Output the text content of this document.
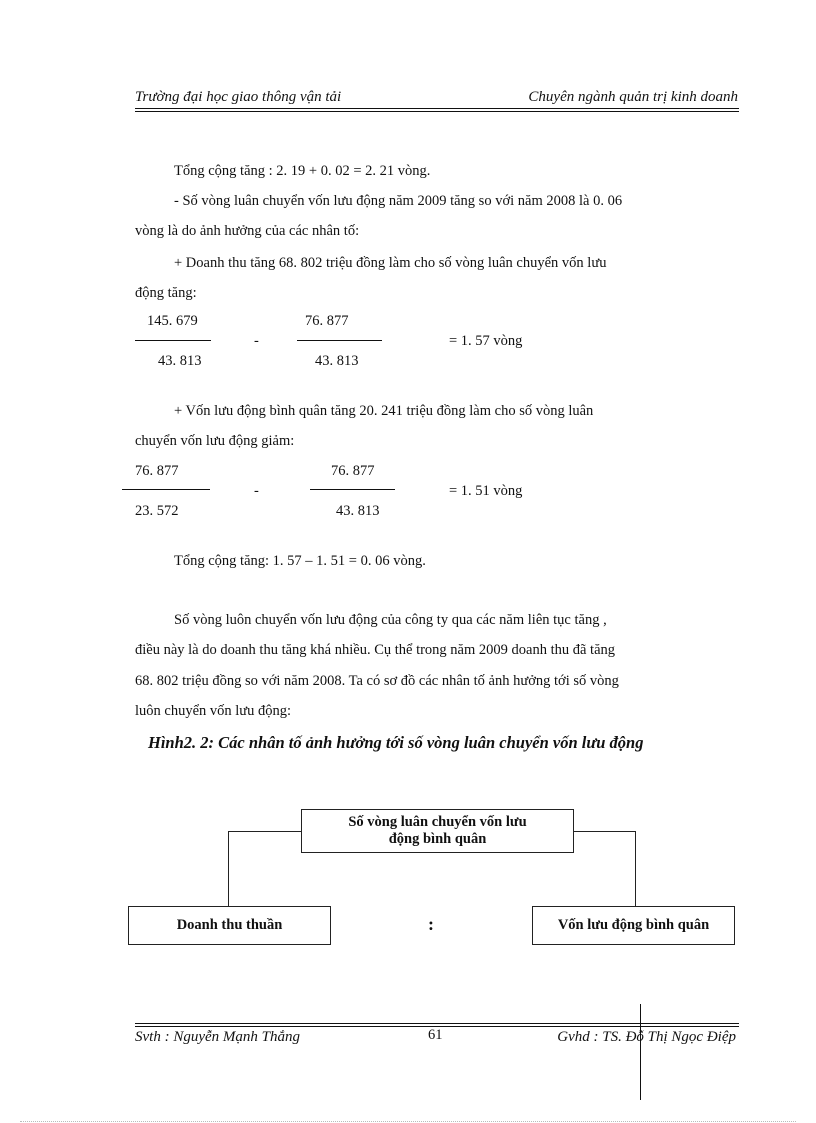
Trường đại học giao thông vận tải	Chuyên ngành quản trị kinh doanh
Tổng cộng tăng : 2. 19 + 0. 02 = 2. 21 vòng.
- Số vòng luân chuyển vốn lưu động năm 2009 tăng so với năm 2008 là 0. 06
vòng là do ảnh hưởng của các nhân tố:
+ Doanh thu tăng 68. 802 triệu đồng làm cho số vòng luân chuyển vốn lưu
động tăng:
145. 679
43. 813
-
76. 877
43. 813
= 1. 57 vòng
+ Vốn lưu động bình quân tăng 20. 241 triệu đồng làm cho số vòng luân
chuyển vốn lưu động giảm:
76. 877
23. 572
-
76. 877
43. 813
= 1. 51 vòng
Tổng cộng tăng: 1. 57 – 1. 51 = 0. 06 vòng.
Số vòng luôn chuyển vốn lưu động của công ty qua các năm liên tục tăng ,
điều này là do doanh thu tăng khá nhiều. Cụ thể trong năm 2009 doanh thu đã tăng
68. 802 triệu đồng so với năm 2008. Ta có sơ đồ các nhân tố ảnh hưởng tới số vòng
luôn chuyển vốn lưu động:
Hình2. 2: Các nhân tố ảnh hưởng tới số vòng luân chuyển vốn lưu động
Số vòng luân chuyển vốn lưu
động bình quân
Doanh thu thuần	:	Vốn lưu động bình quân
Svth : Nguyễn Mạnh Thắng	61	Gvhd : TS. Đỗ Thị Ngọc Điệp
